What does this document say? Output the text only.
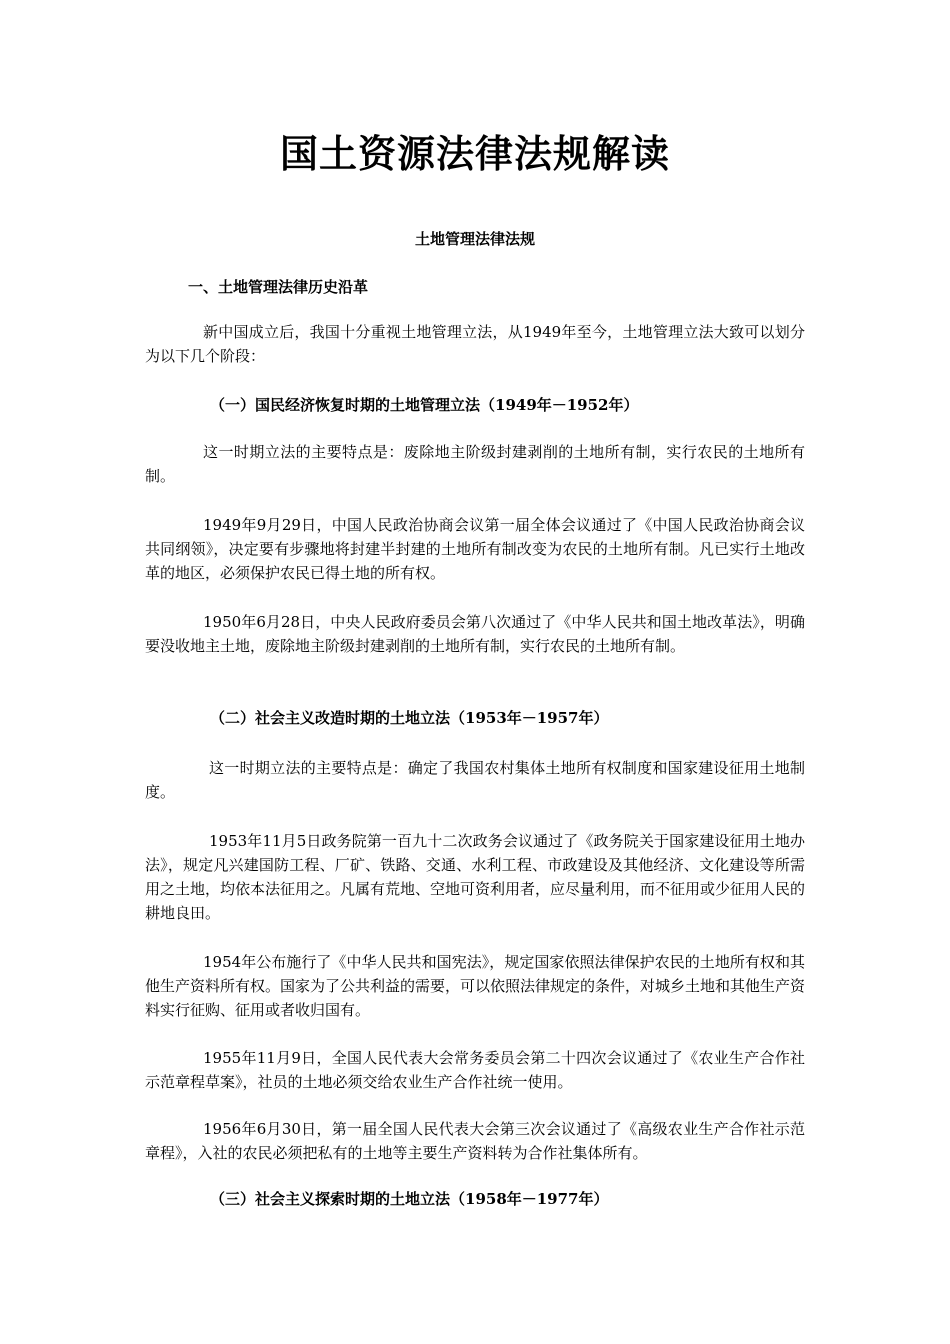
国土资源法律法规解读
土地管理法律法规
一、土地管理法律历史沿革

新中国成立后，我国十分重视土地管理立法，从1949年至今，土地管理立法大致可以划分为以下几个阶段：

（一）国民经济恢复时期的土地管理立法（1949年－1952年）

这一时期立法的主要特点是：废除地主阶级封建剥削的土地所有制，实行农民的土地所有制。

1949年9月29日，中国人民政治协商会议第一届全体会议通过了《中国人民政治协商会议共同纲领》，决定要有步骤地将封建半封建的土地所有制改变为农民的土地所有制。凡已实行土地改革的地区，必须保护农民已得土地的所有权。

1950年6月28日，中央人民政府委员会第八次通过了《中华人民共和国土地改革法》，明确要没收地主土地，废除地主阶级封建剥削的土地所有制，实行农民的土地所有制。

（二）社会主义改造时期的土地立法（1953年－1957年）

这一时期立法的主要特点是：确定了我国农村集体土地所有权制度和国家建设征用土地制度。

1953年11月5日政务院第一百九十二次政务会议通过了《政务院关于国家建设征用土地办法》，规定凡兴建国防工程、厂矿、铁路、交通、水利工程、市政建设及其他经济、文化建设等所需用之土地，均依本法征用之。凡属有荒地、空地可资利用者，应尽量利用，而不征用或少征用人民的耕地良田。

1954年公布施行了《中华人民共和国宪法》，规定国家依照法律保护农民的土地所有权和其他生产资料所有权。国家为了公共利益的需要，可以依照法律规定的条件，对城乡土地和其他生产资料实行征购、征用或者收归国有。

1955年11月9日，全国人民代表大会常务委员会第二十四次会议通过了《农业生产合作社示范章程草案》，社员的土地必须交给农业生产合作社统一使用。

1956年6月30日，第一届全国人民代表大会第三次会议通过了《高级农业生产合作社示范章程》，入社的农民必须把私有的土地等主要生产资料转为合作社集体所有。

（三）社会主义探索时期的土地立法（1958年－1977年）
